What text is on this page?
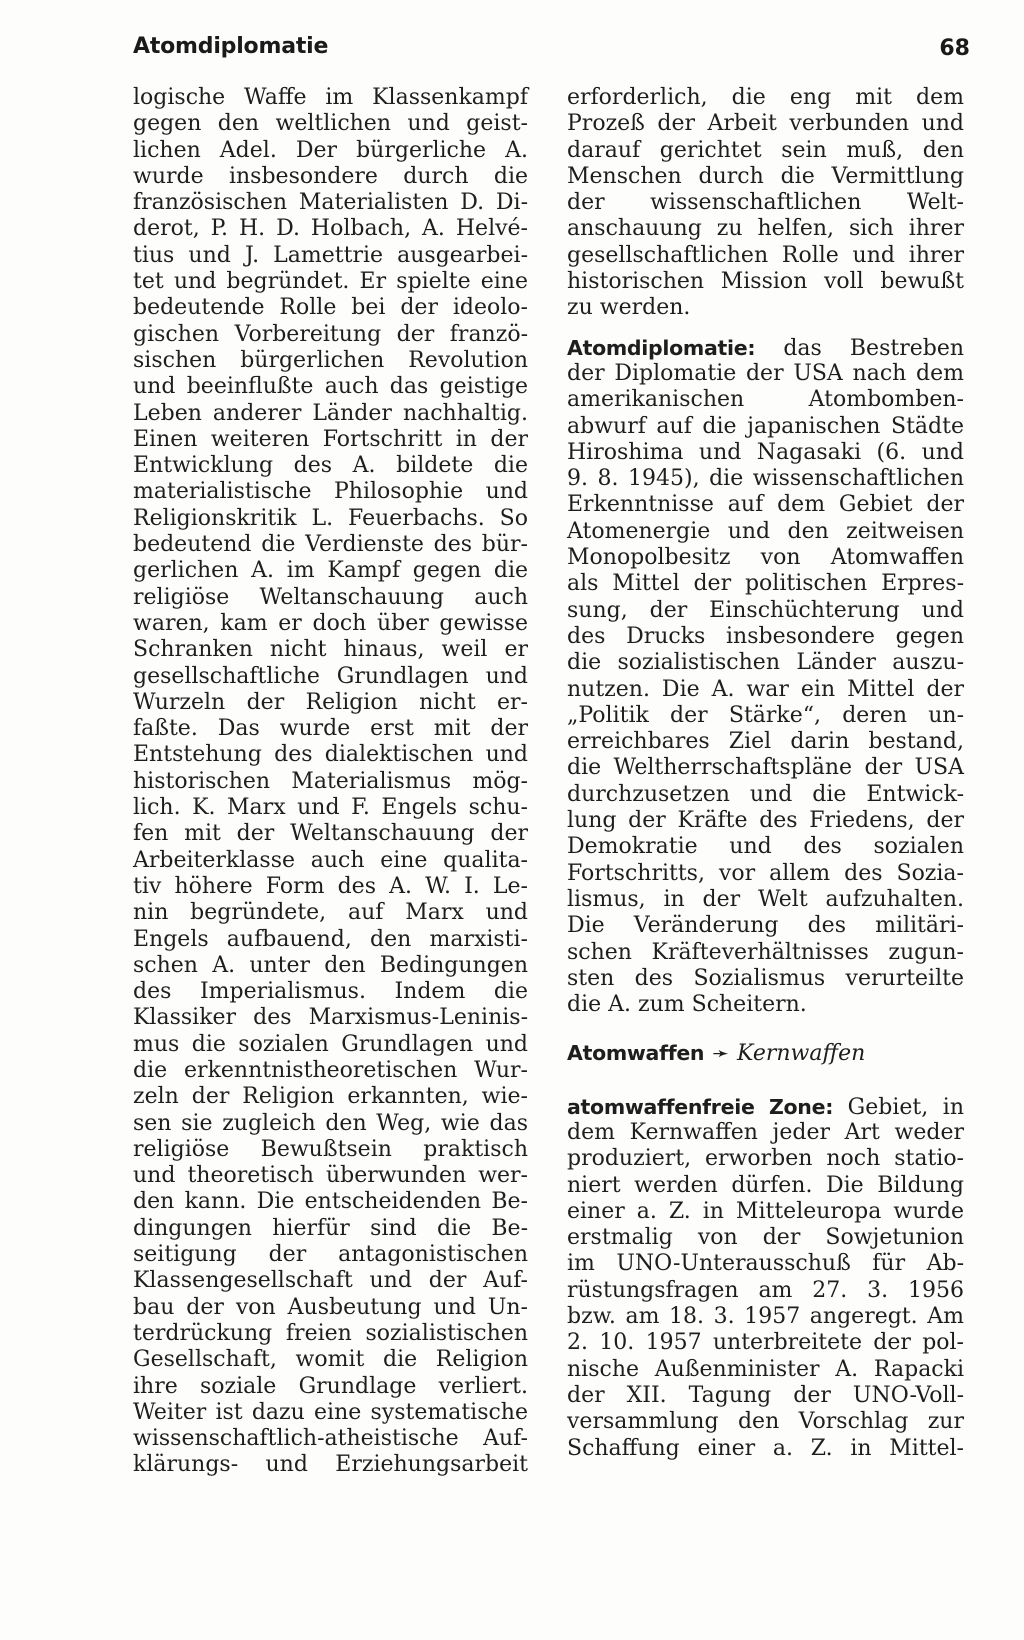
Atomdiplomatie	68
logische Waffe im Klassenkampf
gegen den weltlichen und geist-
lichen Adel. Der bürgerliche A.
wurde insbesondere durch die
französischen Materialisten D. Di-
derot, P. H. D. Holbach, A. Helvé-
tius und J. Lamettrie ausgearbei-
tet und begründet. Er spielte eine
bedeutende Rolle bei der ideolo-
gischen Vorbereitung der franzö-
sischen bürgerlichen Revolution
und beeinflußte auch das geistige
Leben anderer Länder nachhaltig.
Einen weiteren Fortschritt in der
Entwicklung des A. bildete die
materialistische Philosophie und
Religionskritik L. Feuerbachs. So
bedeutend die Verdienste des bür-
gerlichen A. im Kampf gegen die
religiöse Weltanschauung auch
waren, kam er doch über gewisse
Schranken nicht hinaus, weil er
gesellschaftliche Grundlagen und
Wurzeln der Religion nicht er-
faßte. Das wurde erst mit der
Entstehung des dialektischen und
historischen Materialismus mög-
lich. K. Marx und F. Engels schu-
fen mit der Weltanschauung der
Arbeiterklasse auch eine qualita-
tiv höhere Form des A. W. I. Le-
nin begründete, auf Marx und
Engels aufbauend, den marxisti-
schen A. unter den Bedingungen
des Imperialismus. Indem die
Klassiker des Marxismus-Leninis-
mus die sozialen Grundlagen und
die erkenntnistheoretischen Wur-
zeln der Religion erkannten, wie-
sen sie zugleich den Weg, wie das
religiöse Bewußtsein praktisch
und theoretisch überwunden wer-
den kann. Die entscheidenden Be-
dingungen hierfür sind die Be-
seitigung der antagonistischen
Klassengesellschaft und der Auf-
bau der von Ausbeutung und Un-
terdrückung freien sozialistischen
Gesellschaft, womit die Religion
ihre soziale Grundlage verliert.
Weiter ist dazu eine systematische
wissenschaftlich-atheistische Auf-
klärungs- und Erziehungsarbeit
erforderlich, die eng mit dem
Prozeß der Arbeit verbunden und
darauf gerichtet sein muß, den
Menschen durch die Vermittlung
der wissenschaftlichen Welt-
anschauung zu helfen, sich ihrer
gesellschaftlichen Rolle und ihrer
historischen Mission voll bewußt
zu werden.
Atomdiplomatie: das Bestreben
der Diplomatie der USA nach dem
amerikanischen Atombomben-
abwurf auf die japanischen Städte
Hiroshima und Nagasaki (6. und
9. 8. 1945), die wissenschaftlichen
Erkenntnisse auf dem Gebiet der
Atomenergie und den zeitweisen
Monopolbesitz von Atomwaffen
als Mittel der politischen Erpres-
sung, der Einschüchterung und
des Drucks insbesondere gegen
die sozialistischen Länder auszu-
nutzen. Die A. war ein Mittel der
„Politik der Stärke“, deren un-
erreichbares Ziel darin bestand,
die Weltherrschaftspläne der USA
durchzusetzen und die Entwick-
lung der Kräfte des Friedens, der
Demokratie und des sozialen
Fortschritts, vor allem des Sozia-
lismus, in der Welt aufzuhalten.
Die Veränderung des militäri-
schen Kräfteverhältnisses zugun-
sten des Sozialismus verurteilte
die A. zum Scheitern.
Atomwaffen ➛ Kernwaffen
atomwaffenfreie Zone: Gebiet, in
dem Kernwaffen jeder Art weder
produziert, erworben noch statio-
niert werden dürfen. Die Bildung
einer a. Z. in Mitteleuropa wurde
erstmalig von der Sowjetunion
im UNO-Unterausschuß für Ab-
rüstungsfragen am 27. 3. 1956
bzw. am 18. 3. 1957 angeregt. Am
2. 10. 1957 unterbreitete der pol-
nische Außenminister A. Rapacki
der XII. Tagung der UNO-Voll-
versammlung den Vorschlag zur
Schaffung einer a. Z. in Mittel-
